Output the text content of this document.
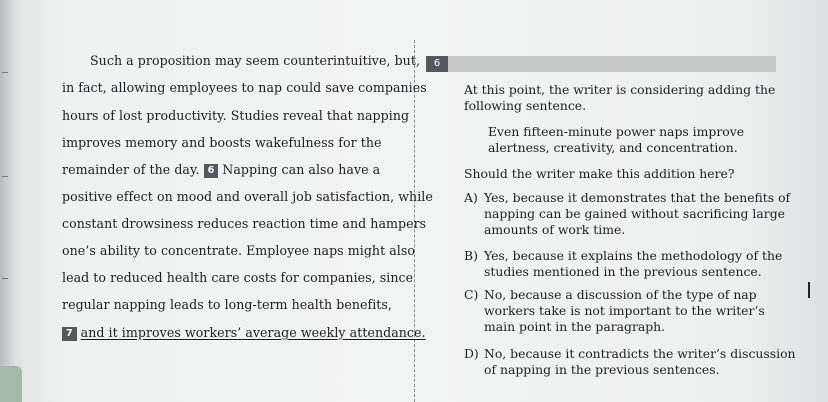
Such a proposition may seem counterintuitive, but,
in fact, allowing employees to nap could save companies
hours of lost productivity. Studies reveal that napping
improves memory and boosts wakefulness for the
remainder of the day. 6 Napping can also have a
positive effect on mood and overall job satisfaction, while
constant drowsiness reduces reaction time and hampers
one’s ability to concentrate. Employee naps might also
lead to reduced health care costs for companies, since
regular napping leads to long-term health benefits,
7 and it improves workers’ average weekly attendance.
6
At this point, the writer is considering adding the
following sentence.
Even fifteen-minute power naps improve
alertness, creativity, and concentration.
Should the writer make this addition here?
A) Yes, because it demonstrates that the benefits of
napping can be gained without sacrificing large
amounts of work time.
B) Yes, because it explains the methodology of the
studies mentioned in the previous sentence.
C) No, because a discussion of the type of nap
workers take is not important to the writer’s
main point in the paragraph.
D) No, because it contradicts the writer’s discussion
of napping in the previous sentences.
